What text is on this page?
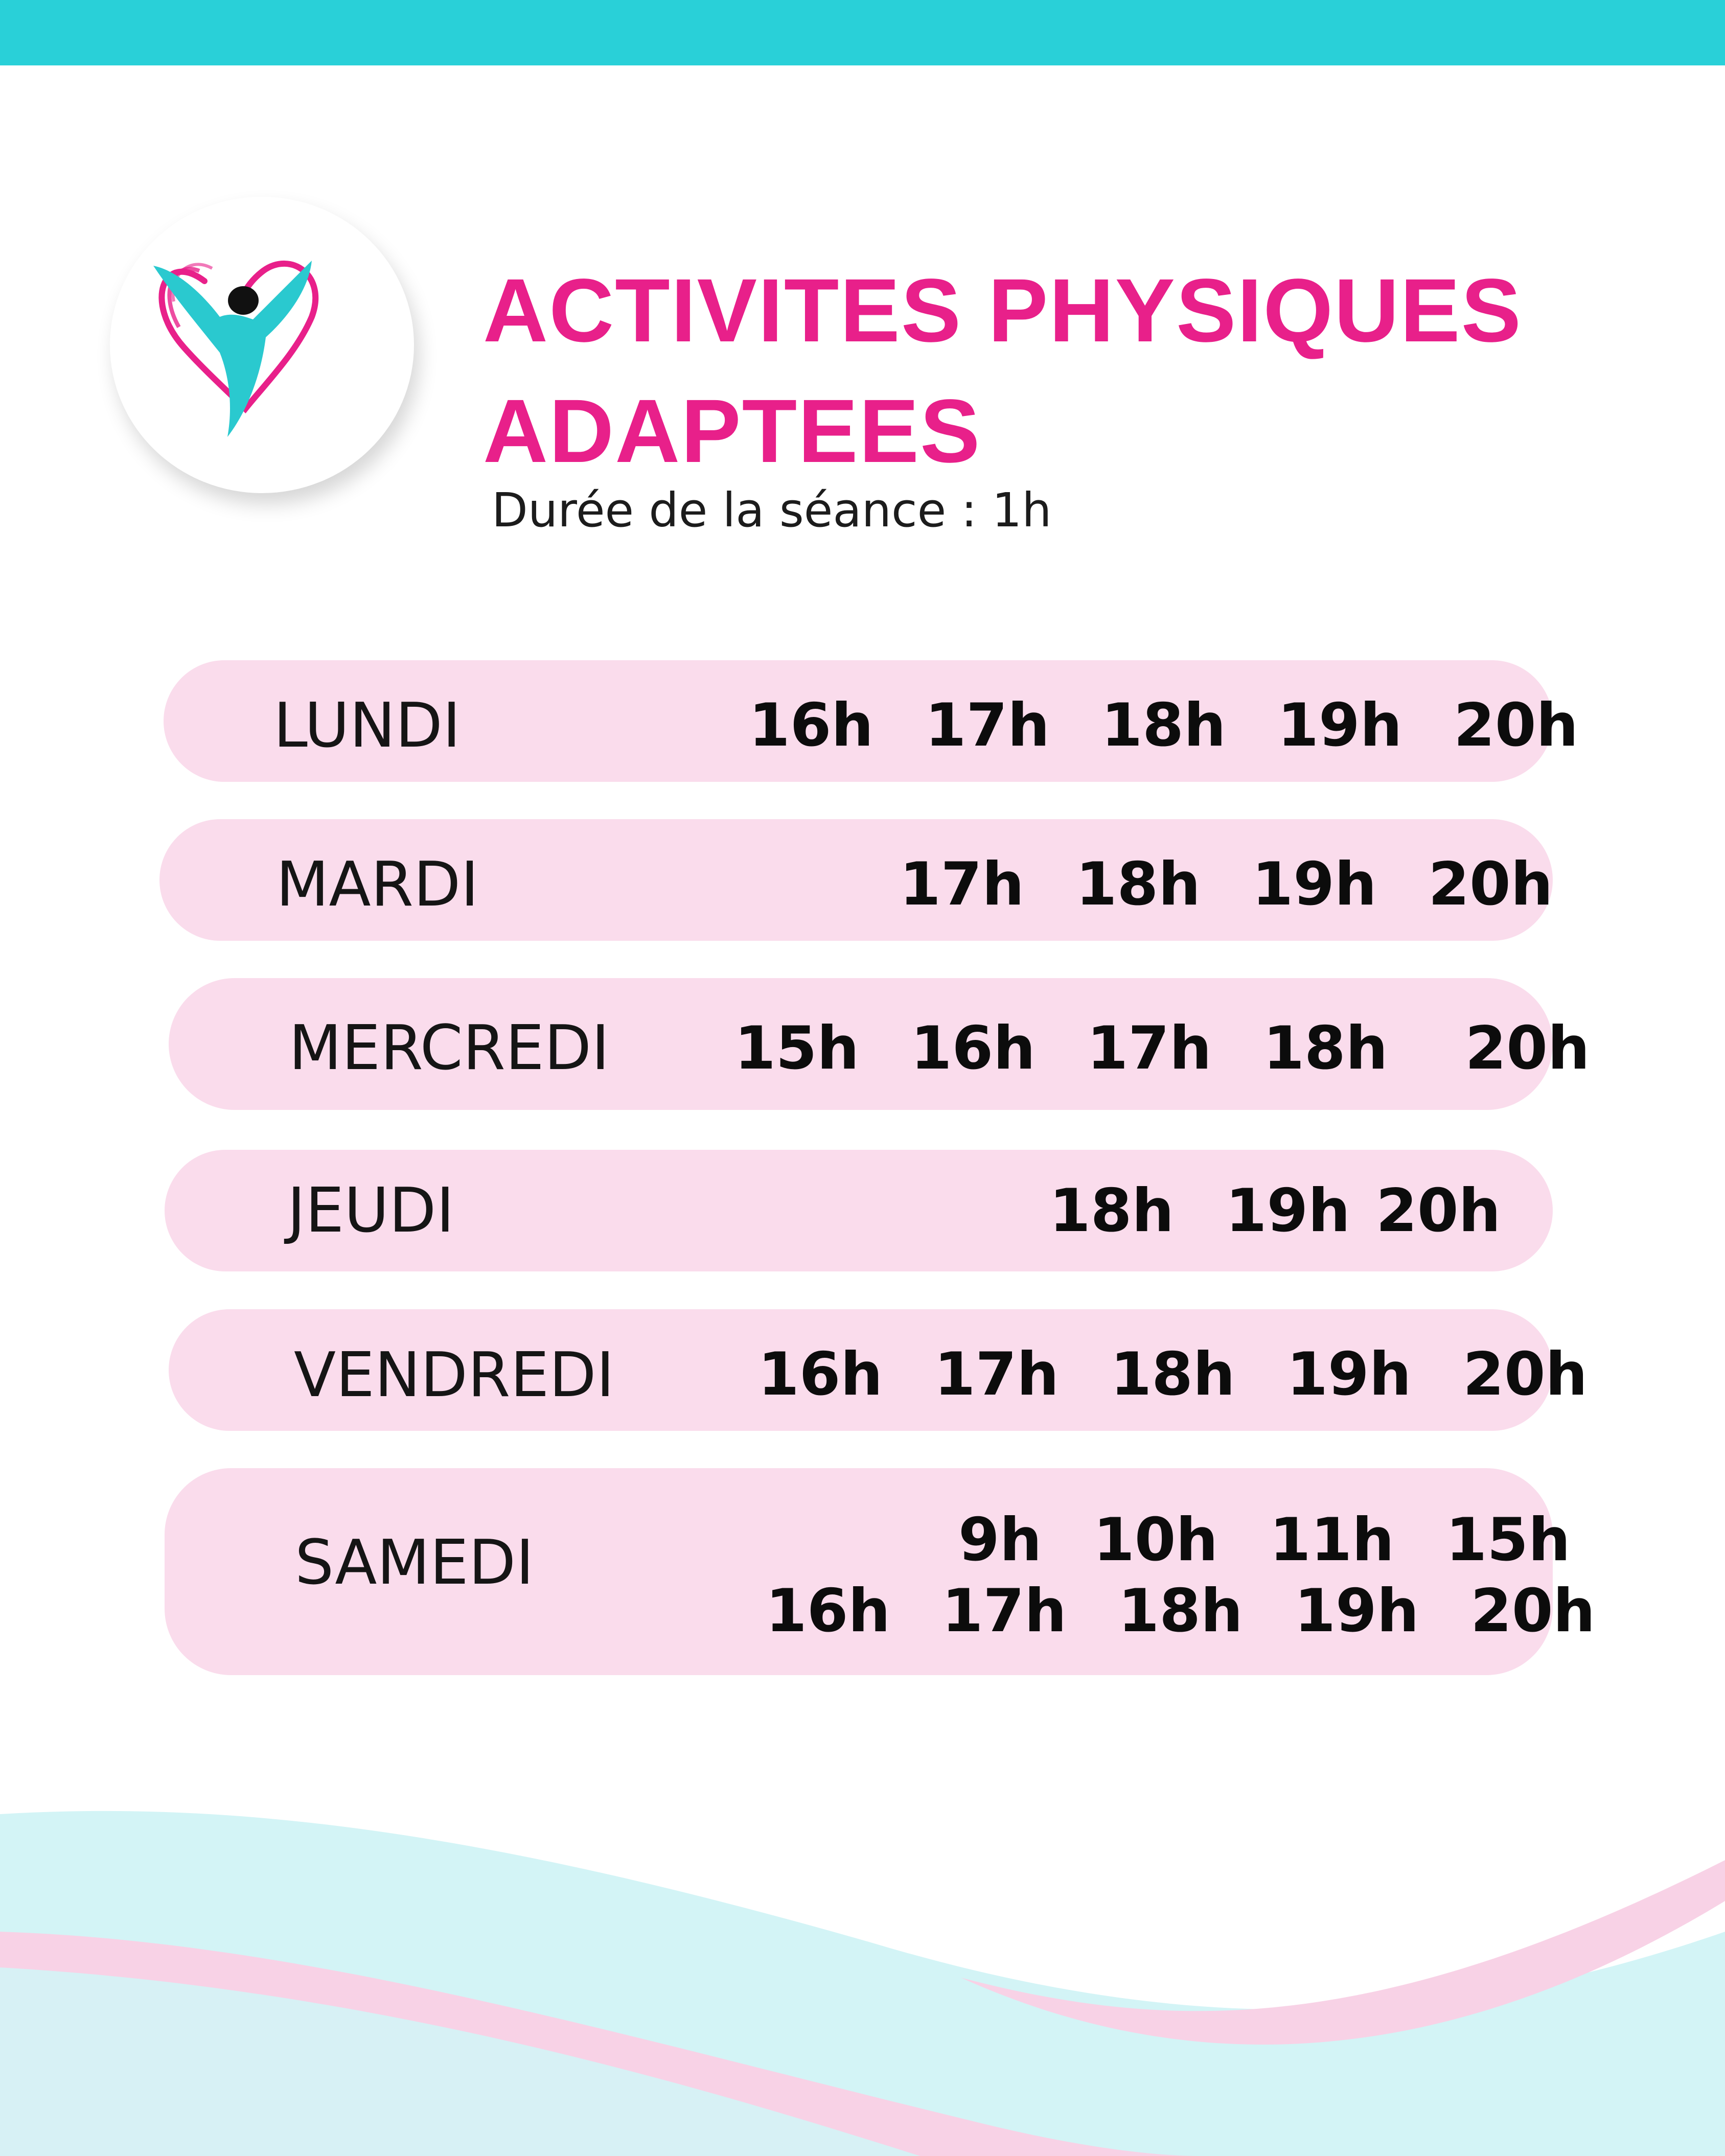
ACTIVITES PHYSIQUES
ADAPTEES
Durée de la séance : 1h
LUNDI	16h  17h  18h  19h  20h
MARDI	17h  18h  19h  20h
MERCREDI 15h  16h  17h  18h   20h
JEUDI	18h  19h 20h
VENDREDI 16h  17h  18h  19h  20h
SAMEDI	9h  10h  11h  15h
16h  17h  18h  19h  20h
